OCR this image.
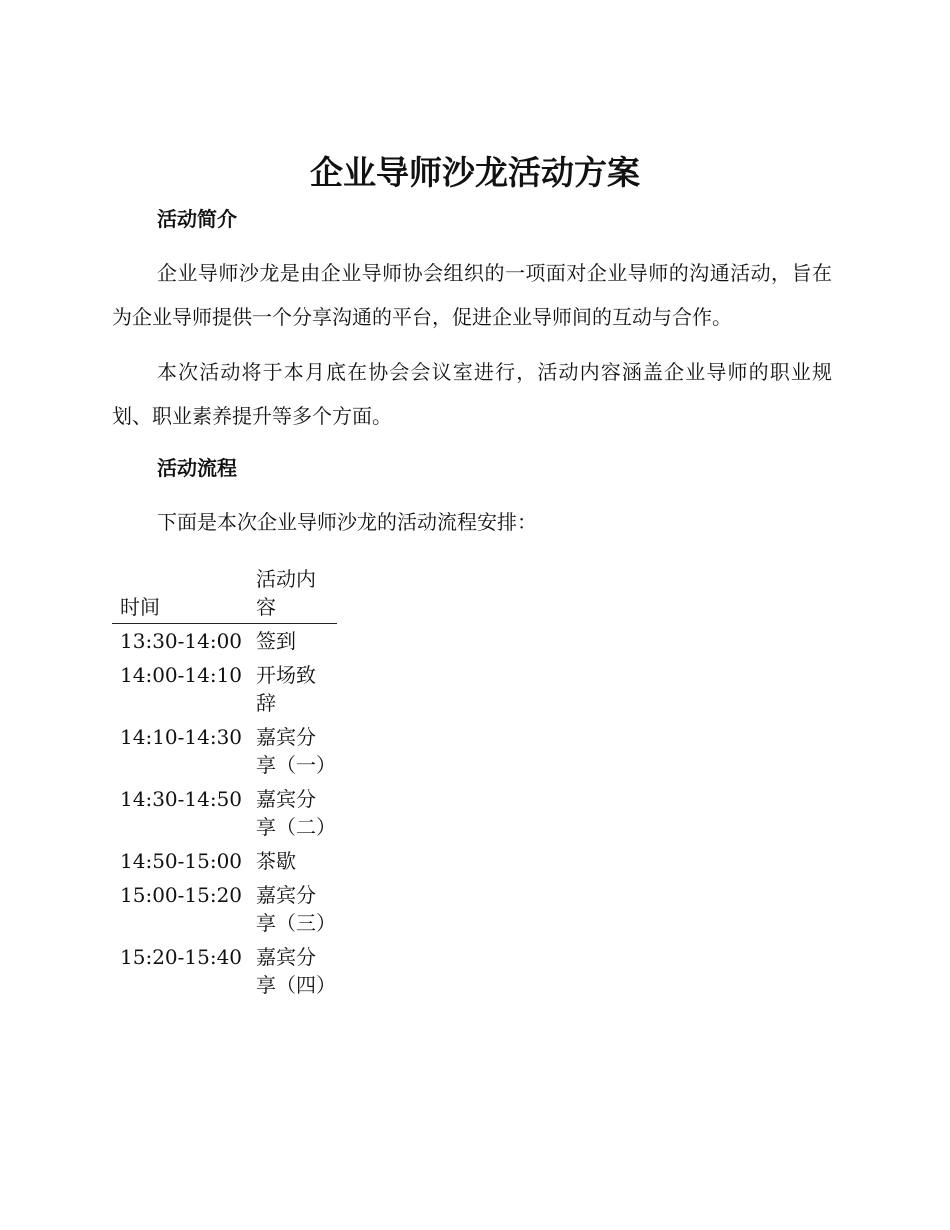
企业导师沙龙活动方案
活动简介

企业导师沙龙是由企业导师协会组织的一项面对企业导师的沟通活动，旨在为企业导师提供一个分享沟通的平台，促进企业导师间的互动与合作。

本次活动将于本月底在协会会议室进行，活动内容涵盖企业导师的职业规划、职业素养提升等多个方面。

活动流程

下面是本次企业导师沙龙的活动流程安排：

时间	活动内容
13:30-14:00	签到
14:00-14:10	开场致辞
14:10-14:30	嘉宾分享（一）
14:30-14:50	嘉宾分享（二）
14:50-15:00	茶歇
15:00-15:20	嘉宾分享（三）
15:20-15:40	嘉宾分享（四）
